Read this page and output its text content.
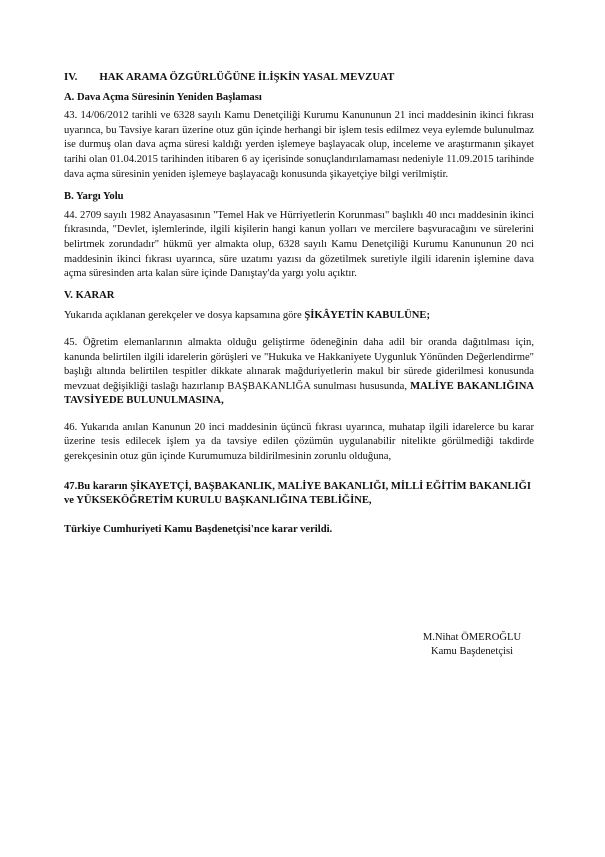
IV. HAK ARAMA ÖZGÜRLÜĞÜNE İLİŞKİN YASAL MEVZUAT
A. Dava Açma Süresinin Yeniden Başlaması

43. 14/06/2012 tarihli ve 6328 sayılı Kamu Denetçiliği Kurumu Kanununun 21 inci maddesinin ikinci fıkrası uyarınca, bu Tavsiye kararı üzerine otuz gün içinde herhangi bir işlem tesis edilmez veya eylemde bulunulmaz ise durmuş olan dava açma süresi kaldığı yerden işlemeye başlayacak olup, inceleme ve araştırmanın şikayet tarihi olan 01.04.2015 tarihinden itibaren 6 ay içerisinde sonuçlandırılamaması nedeniyle 11.09.2015 tarihinde dava açma süresinin yeniden işlemeye başlayacağı konusunda şikayetçiye bilgi verilmiştir.

B. Yargı Yolu

44. 2709 sayılı 1982 Anayasasının "Temel Hak ve Hürriyetlerin Korunması" başlıklı 40 ıncı maddesinin ikinci fıkrasında, "Devlet, işlemlerinde, ilgili kişilerin hangi kanun yolları ve mercilere başvuracağını ve sürelerini belirtmek zorundadır" hükmü yer almakta olup, 6328 sayılı Kamu Denetçiliği Kurumu Kanununun 20 nci maddesinin ikinci fıkrası uyarınca, süre uzatımı yazısı da gözetilmek suretiyle ilgili idarenin işlemine dava açma süresinden arta kalan süre içinde Danıştay'da yargı yolu açıktır.

V. KARAR

Yukarıda açıklanan gerekçeler ve dosya kapsamına göre ŞİKÂYETİN KABULÜNE;

45. Öğretim elemanlarının almakta olduğu geliştirme ödeneğinin daha adil bir oranda dağıtılması için, kanunda belirtilen ilgili idarelerin görüşleri ve "Hukuka ve Hakkaniyete Uygunluk Yönünden Değerlendirme" başlığı altında belirtilen tespitler dikkate alınarak mağduriyetlerin makul bir sürede giderilmesi konusunda mevzuat değişikliği taslağı hazırlanıp BAŞBAKANLIĞA sunulması hususunda, MALİYE BAKANLIĞINA TAVSİYEDE BULUNULMASINA,

46. Yukarıda anılan Kanunun 20 inci maddesinin üçüncü fıkrası uyarınca, muhatap ilgili idarelerce bu karar üzerine tesis edilecek işlem ya da tavsiye edilen çözümün uygulanabilir nitelikte görülmediği takdirde gerekçesinin otuz gün içinde Kurumumuza bildirilmesinin zorunlu olduğuna,

47.Bu kararın ŞİKAYETÇİ, BAŞBAKANLIK, MALİYE BAKANLIĞI, MİLLİ EĞİTİM BAKANLIĞI ve YÜKSEKÖĞRETİM KURULU BAŞKANLIĞINA TEBLİĞİNE,

Türkiye Cumhuriyeti Kamu Başdenetçisi'nce karar verildi.

M.Nihat ÖMEROĞLU
Kamu Başdenetçisi
